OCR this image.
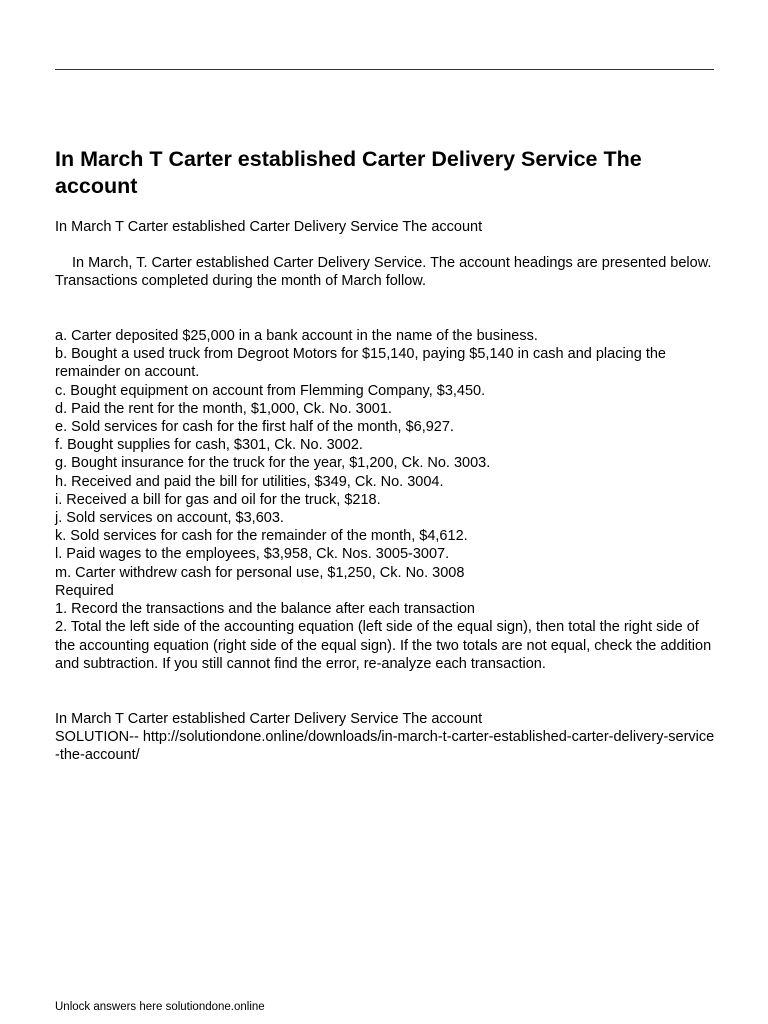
In March T Carter established Carter Delivery Service The account

In March T Carter established Carter Delivery Service The account

In March, T. Carter established Carter Delivery Service. The account headings are presented below. Transactions completed during the month of March follow.

a. Carter deposited $25,000 in a bank account in the name of the business.
b. Bought a used truck from Degroot Motors for $15,140, paying $5,140 in cash and placing the remainder on account.
c. Bought equipment on account from Flemming Company, $3,450.
d. Paid the rent for the month, $1,000, Ck. No. 3001.
e. Sold services for cash for the first half of the month, $6,927.
f. Bought supplies for cash, $301, Ck. No. 3002.
g. Bought insurance for the truck for the year, $1,200, Ck. No. 3003.
h. Received and paid the bill for utilities, $349, Ck. No. 3004.
i. Received a bill for gas and oil for the truck, $218.
j. Sold services on account, $3,603.
k. Sold services for cash for the remainder of the month, $4,612.
l. Paid wages to the employees, $3,958, Ck. Nos. 3005-3007.
m. Carter withdrew cash for personal use, $1,250, Ck. No. 3008

Required

1. Record the transactions and the balance after each transaction

2. Total the left side of the accounting equation (left side of the equal sign), then total the right side of the accounting equation (right side of the equal sign). If the two totals are not equal, check the addition and subtraction. If you still cannot find the error, re-analyze each transaction.

In March T Carter established Carter Delivery Service The account

SOLUTION-- http://solutiondone.online/downloads/in-march-t-carter-established-carter-delivery-service-the-account/

Unlock answers here solutiondone.online
